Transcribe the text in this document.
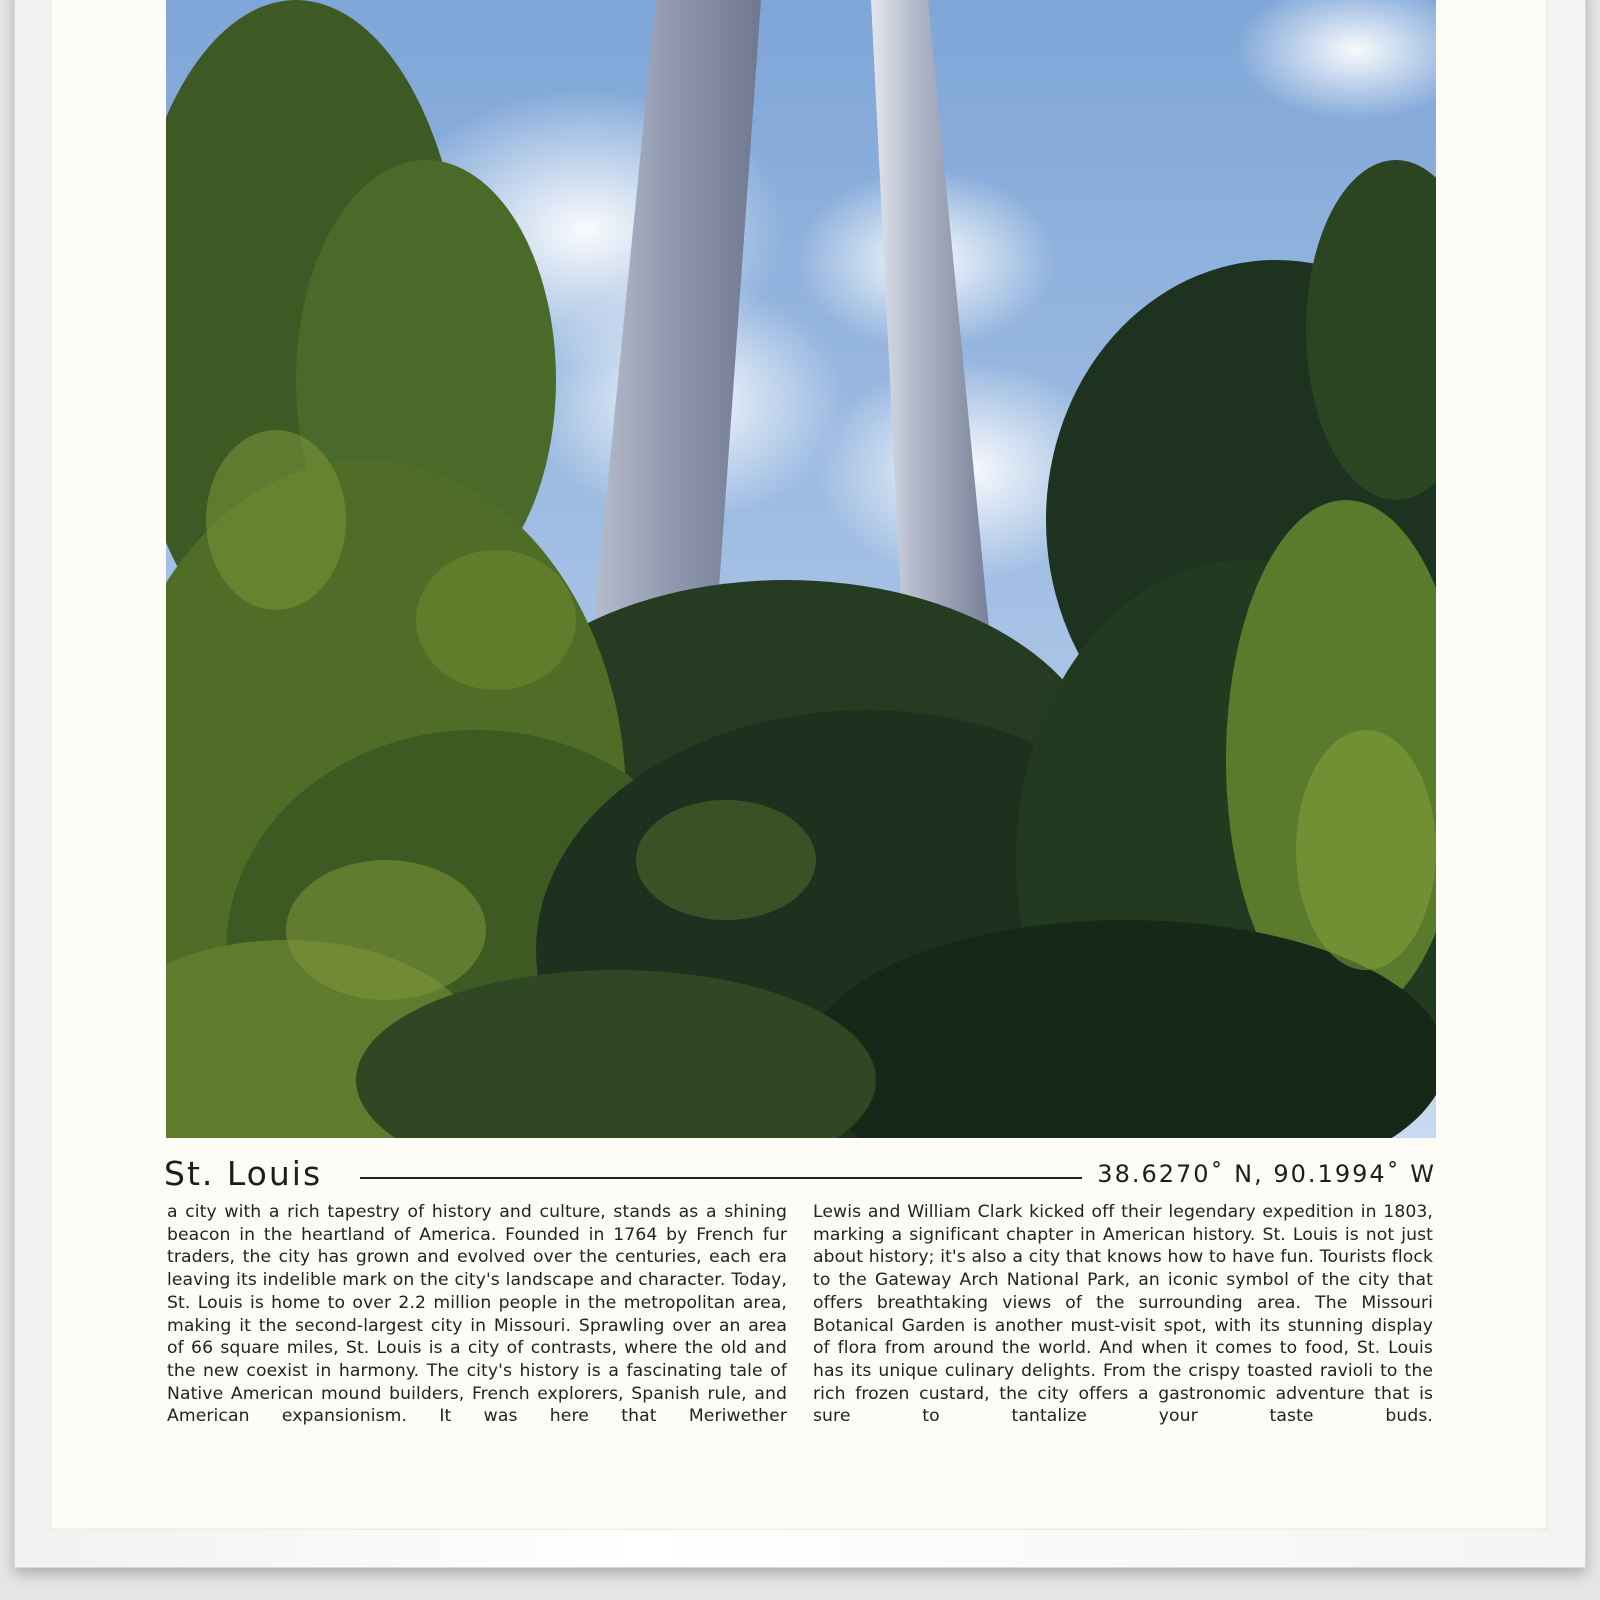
St. Louis	38.6270˚ N, 90.1994˚ W
a city with a rich tapestry of history and culture, stands as a shining beacon in the heartland of America. Founded in 1764 by French fur traders, the city has grown and evolved over the centuries, each era leaving its indelible mark on the city's landscape and character. Today, St. Louis is home to over 2.2 million people in the metropolitan area, making it the second-largest city in Missouri. Sprawling over an area of 66 square miles, St. Louis is a city of contrasts, where the old and the new coexist in harmony. The city's history is a fascinating tale of Native American mound builders, French explorers, Spanish rule, and American expansionism. It was here that Meriwether
Lewis and William Clark kicked off their legendary expedition in 1803, marking a significant chapter in American history. St. Louis is not just about history; it's also a city that knows how to have fun. Tourists flock to the Gateway Arch National Park, an iconic symbol of the city that offers breathtaking views of the surrounding area. The Missouri Botanical Garden is another must-visit spot, with its stunning display of flora from around the world. And when it comes to food, St. Louis has its unique culinary delights. From the crispy toasted ravioli to the rich frozen custard, the city offers a gastronomic adventure that is sure to tantalize your taste buds.
